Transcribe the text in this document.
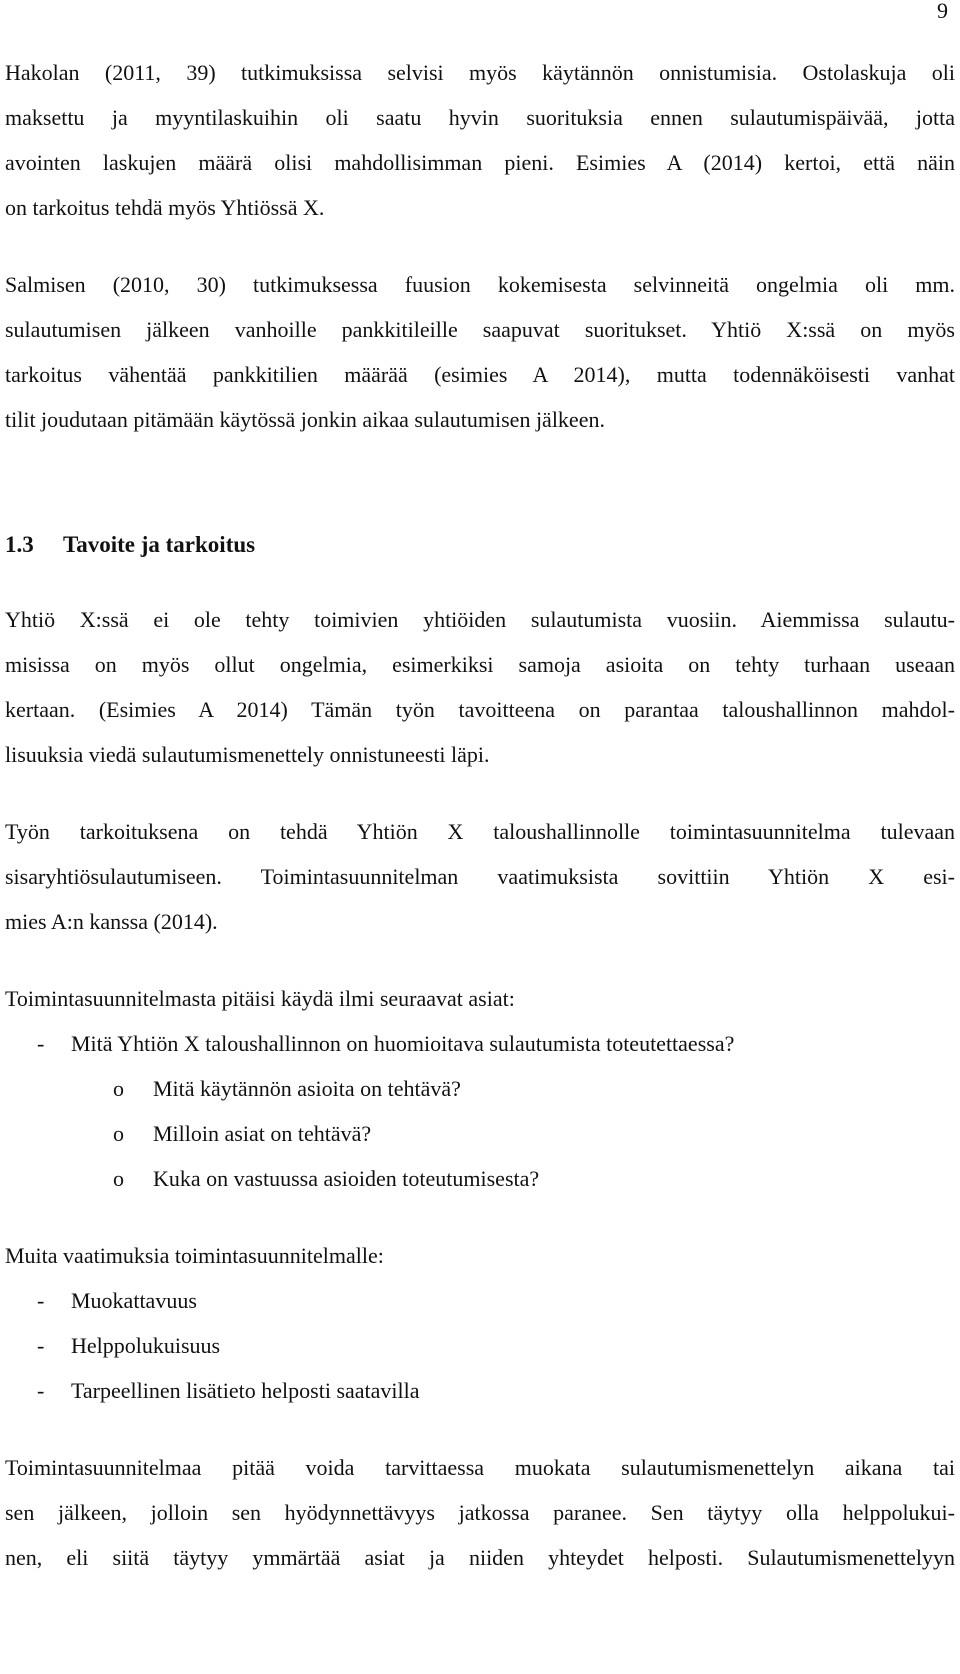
9
Hakolan (2011, 39) tutkimuksissa selvisi myös käytännön onnistumisia. Ostolaskuja oli
maksettu ja myyntilaskuihin oli saatu hyvin suorituksia ennen sulautumispäivää, jotta
avointen laskujen määrä olisi mahdollisimman pieni. Esimies A (2014) kertoi, että näin
on tarkoitus tehdä myös Yhtiössä X.
Salmisen (2010, 30) tutkimuksessa fuusion kokemisesta selvinneitä ongelmia oli mm.
sulautumisen jälkeen vanhoille pankkitileille saapuvat suoritukset. Yhtiö X:ssä on myös
tarkoitus vähentää pankkitilien määrää (esimies A 2014), mutta todennäköisesti vanhat
tilit joudutaan pitämään käytössä jonkin aikaa sulautumisen jälkeen.
1.3	Tavoite ja tarkoitus
Yhtiö X:ssä ei ole tehty toimivien yhtiöiden sulautumista vuosiin. Aiemmissa sulautu-
misissa on myös ollut ongelmia, esimerkiksi samoja asioita on tehty turhaan useaan
kertaan. (Esimies A 2014) Tämän työn tavoitteena on parantaa taloushallinnon mahdol-
lisuuksia viedä sulautumismenettely onnistuneesti läpi.
Työn tarkoituksena on tehdä Yhtiön X taloushallinnolle toimintasuunnitelma tulevaan
sisaryhtiösulautumiseen. Toimintasuunnitelman vaatimuksista sovittiin Yhtiön X esi-
mies A:n kanssa (2014).
Toimintasuunnitelmasta pitäisi käydä ilmi seuraavat asiat:
-	Mitä Yhtiön X taloushallinnon on huomioitava sulautumista toteutettaessa?
o	Mitä käytännön asioita on tehtävä?
o	Milloin asiat on tehtävä?
o	Kuka on vastuussa asioiden toteutumisesta?
Muita vaatimuksia toimintasuunnitelmalle:
-	Muokattavuus
-	Helppolukuisuus
-	Tarpeellinen lisätieto helposti saatavilla
Toimintasuunnitelmaa pitää voida tarvittaessa muokata sulautumismenettelyn aikana tai
sen jälkeen, jolloin sen hyödynnettävyys jatkossa paranee. Sen täytyy olla helppolukui-
nen, eli siitä täytyy ymmärtää asiat ja niiden yhteydet helposti. Sulautumismenettelyyn
